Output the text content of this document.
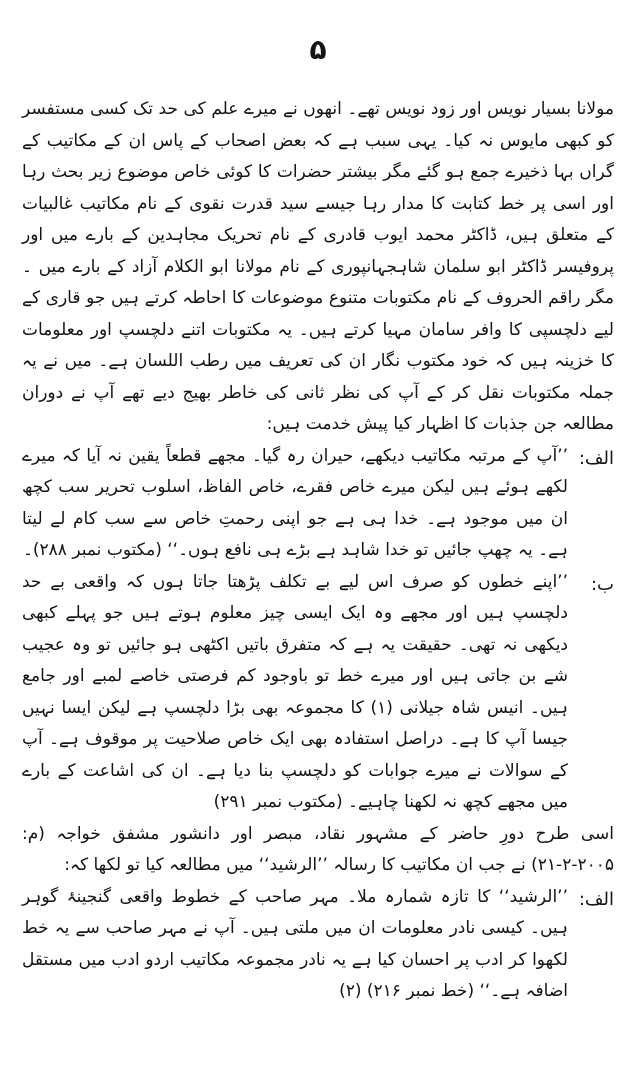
۵

مولانا بسیار نویس اور زود نویس تھے۔ انھوں نے میرے علم کی حد تک کسی مستفسر کو کبھی مایوس نہ کیا۔ یہی سبب ہے کہ بعض اصحاب کے پاس ان کے مکاتیب کے گراں بہا ذخیرے جمع ہو گئے مگر بیشتر حضرات کا کوئی خاص موضوع زیر بحث رہا اور اسی پر خط کتابت کا مدار رہا جیسے سید قدرت نقوی کے نام مکاتیب غالبیات کے متعلق ہیں، ڈاکٹر محمد ایوب قادری کے نام تحریک مجاہدین کے بارے میں اور پروفیسر ڈاکٹر ابو سلمان شاہجہانپوری کے نام مولانا ابو الکلام آزاد کے بارے میں ۔ مگر راقم الحروف کے نام مکتوبات متنوع موضوعات کا احاطہ کرتے ہیں جو قاری کے لیے دلچسپی کا وافر سامان مہیا کرتے ہیں۔ یہ مکتوبات اتنے دلچسپ اور معلومات کا خزینہ ہیں کہ خود مکتوب نگار ان کی تعریف میں رطب اللسان ہے۔ میں نے یہ جملہ مکتوبات نقل کر کے آپ کی نظر ثانی کی خاطر بھیج دیے تھے آپ نے دوران مطالعہ جن جذبات کا اظہار کیا پیش خدمت ہیں:

الف:
’’آپ کے مرتبہ مکاتیب دیکھے، حیران رہ گیا۔ مجھے قطعاً یقین نہ آیا کہ میرے لکھے ہوئے ہیں لیکن میرے خاص فقرے، خاص الفاظ، اسلوب تحریر سب کچھ ان میں موجود ہے۔ خدا ہی ہے جو اپنی رحمتِ خاص سے سب کام لے لیتا ہے۔ یہ چھپ جائیں تو خدا شاہد ہے بڑے ہی نافع ہوں۔‘‘ (مکتوب نمبر ۲۸۸)۔
ب:
’’اپنے خطوں کو صرف اس لیے بے تکلف پڑھتا جاتا ہوں کہ واقعی بے حد دلچسپ ہیں اور مجھے وہ ایک ایسی چیز معلوم ہوتے ہیں جو پہلے کبھی دیکھی نہ تھی۔ حقیقت یہ ہے کہ متفرق باتیں اکٹھی ہو جائیں تو وہ عجیب شے بن جاتی ہیں اور میرے خط تو باوجود کم فرصتی خاصے لمبے اور جامع ہیں۔ انیس شاہ جیلانی (۱) کا مجموعہ بھی بڑا دلچسپ ہے لیکن ایسا نہیں جیسا آپ کا ہے۔ دراصل استفادہ بھی ایک خاص صلاحیت پر موقوف ہے۔ آپ کے سوالات نے میرے جوابات کو دلچسپ بنا دیا ہے۔ ان کی اشاعت کے بارے میں مجھے کچھ نہ لکھنا چاہیے۔ (مکتوب نمبر ۲۹۱)

اسی طرح دورِ حاضر کے مشہور نقاد، مبصر اور دانشور مشفق خواجہ (م: ۲۰۰۵-۲-۲۱) نے جب ان مکاتیب کا رسالہ ’’الرشید‘‘ میں مطالعہ کیا تو لکھا کہ:

الف:
’’الرشید‘‘ کا تازہ شمارہ ملا۔ مہر صاحب کے خطوط واقعی گنجینۂ گوہر ہیں۔ کیسی نادر معلومات ان میں ملتی ہیں۔ آپ نے مہر صاحب سے یہ خط لکھوا کر ادب پر احسان کیا ہے یہ نادر مجموعہ مکاتیب اردو ادب میں مستقل اضافہ ہے۔‘‘ (خط نمبر ۲۱۶) (۲)
